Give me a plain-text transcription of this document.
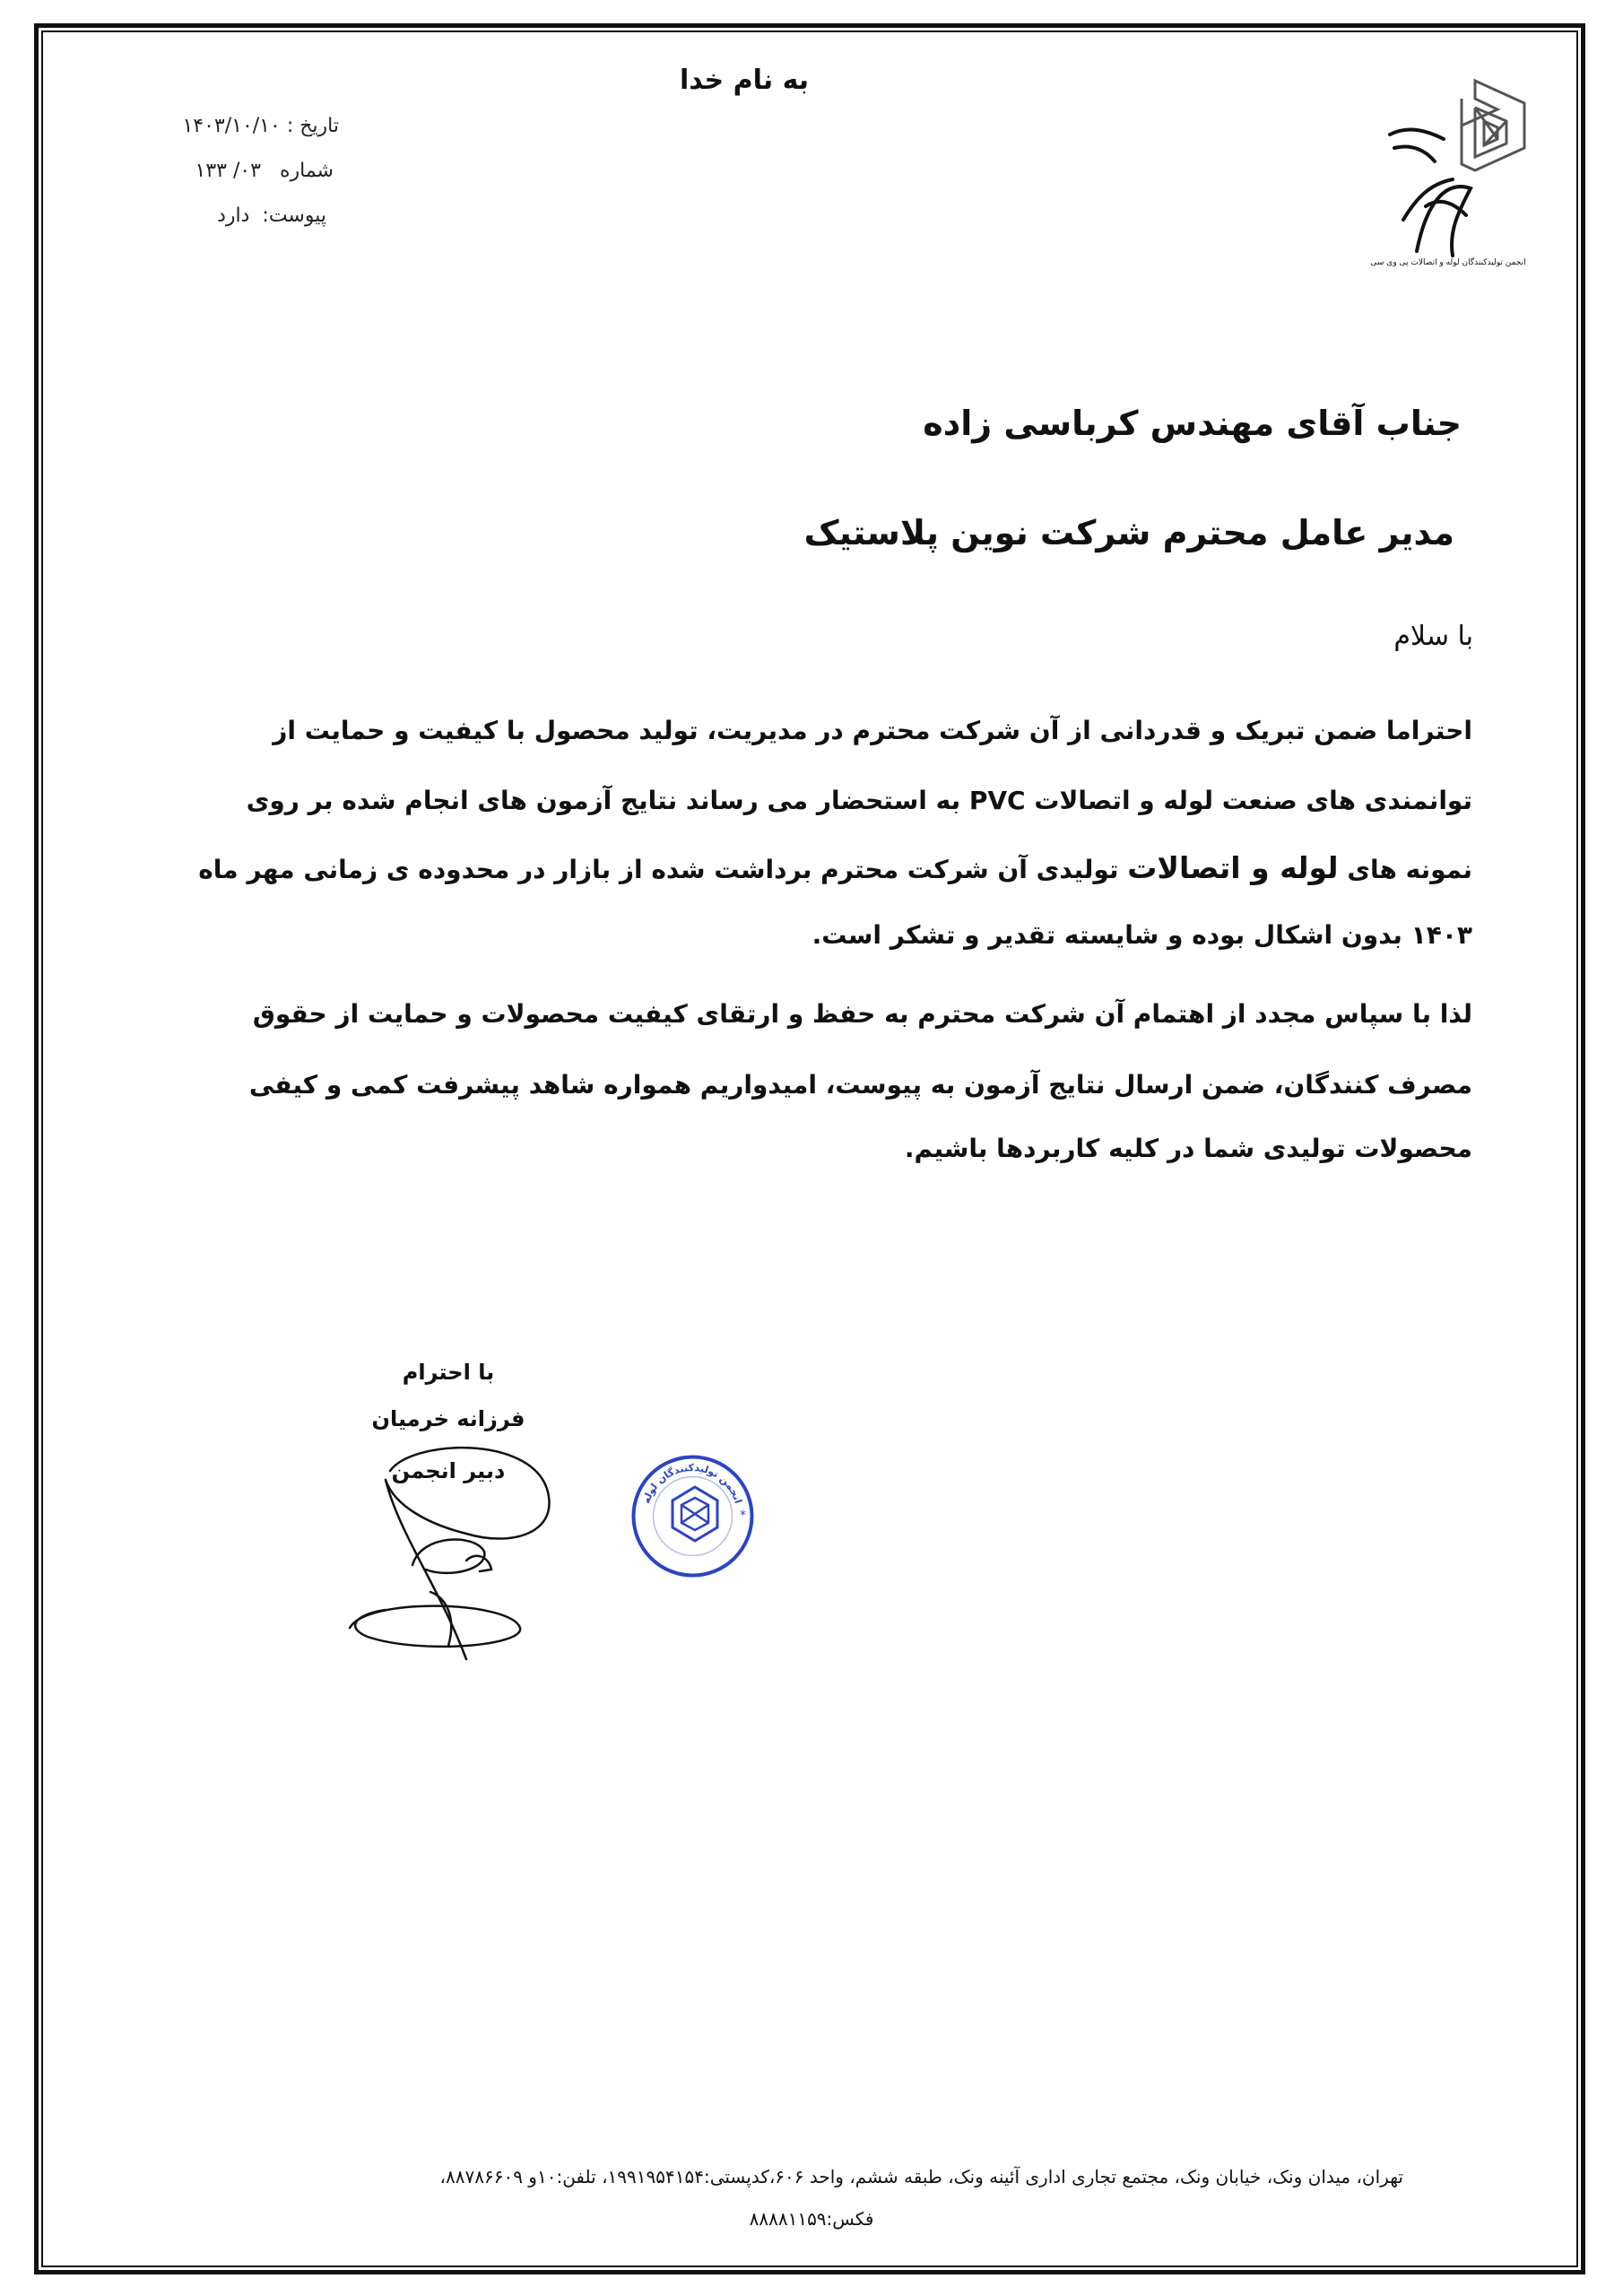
به نام خدا
تاریخ : ۱۴۰۳/۱۰/۱۰
شماره   ۰۳/ ۱۳۳
پیوست:  دارد
انجمن تولیدکنندگان لوله و اتصالات پی وی سی
جناب آقای مهندس کرباسی زاده
مدیر عامل محترم شرکت نوین پلاستیک
با سلام
احتراما ضمن تبریک و قدردانی از آن شرکت محترم در مدیریت، تولید محصول با کیفیت و حمایت از
توانمندی های صنعت لوله و اتصالات PVC به استحضار می رساند نتایج آزمون های انجام شده بر روی
نمونه های لوله و اتصالات تولیدی آن شرکت محترم برداشت شده از بازار در محدوده ی زمانی مهر ماه
۱۴۰۳ بدون اشکال بوده و شایسته تقدیر و تشکر است.
لذا با سپاس مجدد از اهتمام آن شرکت محترم به حفظ و ارتقای کیفیت محصولات و حمایت از حقوق
مصرف کنندگان، ضمن ارسال نتایج آزمون به پیوست، امیدواریم همواره شاهد پیشرفت کمی و کیفی
محصولات تولیدی شما در کلیه کاربردها باشیم.
با احترام
فرزانه خرمیان
دبیر انجمن
*
انجمن تولیدکنندگان لوله
تهران، میدان ونک، خیابان ونک، مجتمع تجاری اداری آئینه ونک، طبقه ششم، واحد ۶۰۶،کدپستی:۱۹۹۱۹۵۴۱۵۴، تلفن:۱۰و ۸۸۷۸۶۶۰۹،
فکس:۸۸۸۸۱۱۵۹
